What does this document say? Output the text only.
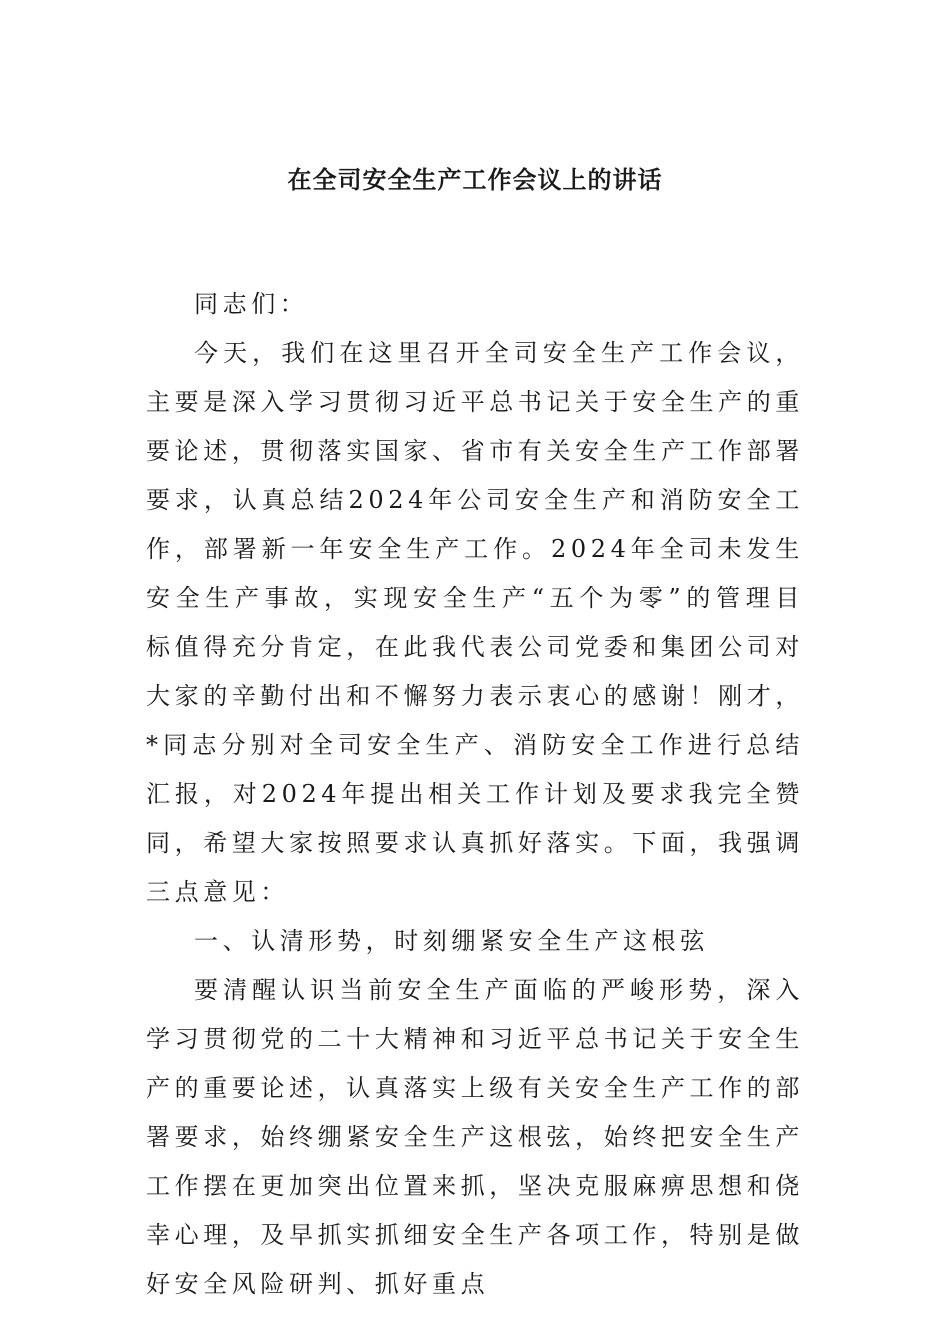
在全司安全生产工作会议上的讲话

同志们：

今天，我们在这里召开全司安全生产工作会议，主要是深入学习贯彻习近平总书记关于安全生产的重要论述，贯彻落实国家、省市有关安全生产工作部署要求，认真总结2024年公司安全生产和消防安全工作，部署新一年安全生产工作。2024年全司未发生安全生产事故，实现安全生产“五个为零”的管理目标值得充分肯定，在此我代表公司党委和集团公司对大家的辛勤付出和不懈努力表示衷心的感谢！刚才，*同志分别对全司安全生产、消防安全工作进行总结汇报，对2024年提出相关工作计划及要求我完全赞同，希望大家按照要求认真抓好落实。下面，我强调三点意见：

一、认清形势，时刻绷紧安全生产这根弦

要清醒认识当前安全生产面临的严峻形势，深入学习贯彻党的二十大精神和习近平总书记关于安全生产的重要论述，认真落实上级有关安全生产工作的部署要求，始终绷紧安全生产这根弦，始终把安全生产工作摆在更加突出位置来抓，坚决克服麻痹思想和侥幸心理，及早抓实抓细安全生产各项工作，特别是做好安全风险研判、抓好重点
